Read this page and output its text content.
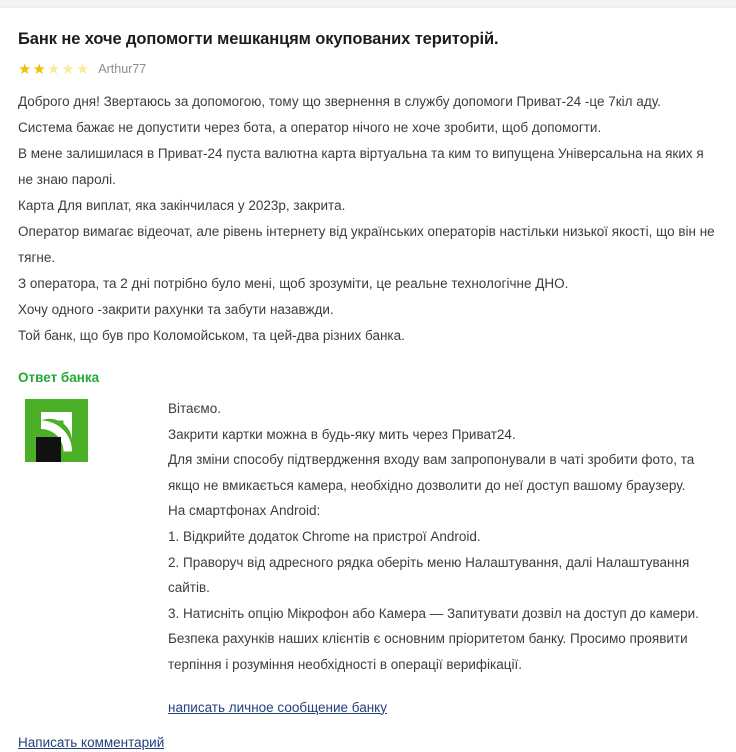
Банк не хоче допомогти мешканцям окупованих територій.
★ ★ ★ ★ ★ Arthur77

Доброго дня! Звертаюсь за допомогою, тому що звернення в службу допомоги Приват-24 -це 7кіл аду.

Система бажає не допустити через бота, а оператор нічого не хоче зробити, щоб допомогти.

В мене залишилася в Приват-24 пуста валютна карта віртуальна та ким то випущена Універсальна на яких я не знаю паролі.

Карта Для виплат, яка закінчилася у 2023р, закрита.

Оператор вимагає відеочат, але рівень інтернету від українських операторів настільки низької якості, що він не тягне.

З оператора, та 2 дні потрібно було мені, щоб зрозуміти, це реальне технологічне ДНО.

Хочу одного -закрити рахунки та забути назавжди.

Той банк, що був про Коломойськом, та цей-два різних банка.

Ответ банка

Вітаємо.

Закрити картки можна в будь-яку мить через Приват24.

Для зміни способу підтвердження входу вам запропонували в чаті зробити фото, та якщо не вмикається камера, необхідно дозволити до неї доступ вашому браузеру.

На смартфонах Android:

1. Відкрийте додаток Chrome на пристрої Android.

2. Праворуч від адресного рядка оберіть меню Налаштування, далі Налаштування сайтів.

3. Натисніть опцію Мікрофон або Камера — Запитувати дозвіл на доступ до камери.

Безпека рахунків наших клієнтів є основним пріоритетом банку. Просимо проявити терпіння і розуміння необхідності в операції верифікації.

написать личное сообщение банку
Написать комментарий
